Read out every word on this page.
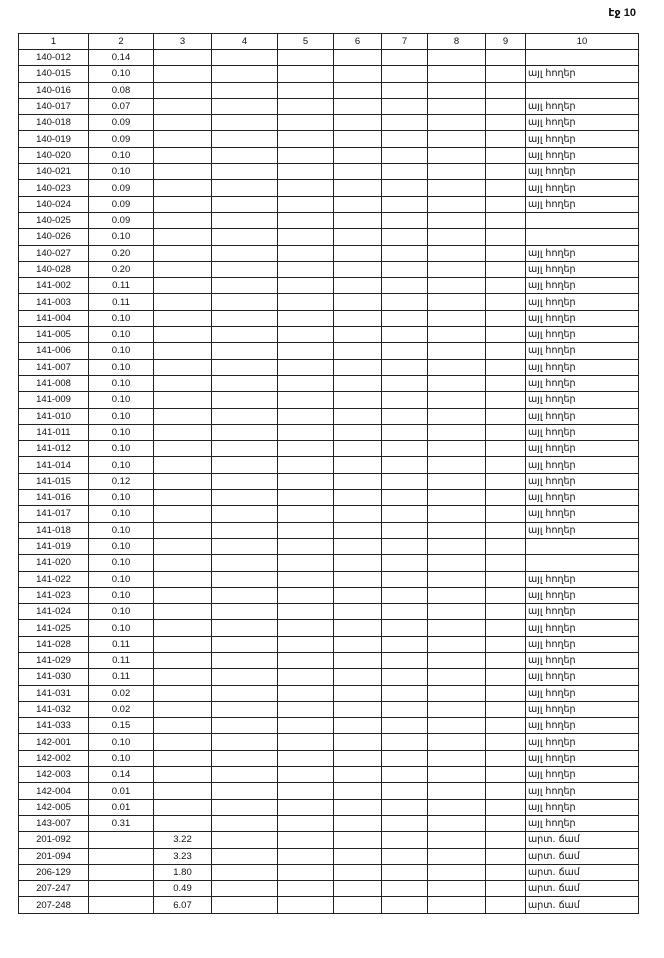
էջ 10
1	2	3	4	5	6	7	8	9	10
140-012	0.14								
140-015	0.10								այլ հողեր
140-016	0.08								
140-017	0.07								այլ հողեր
140-018	0.09								այլ հողեր
140-019	0.09								այլ հողեր
140-020	0.10								այլ հողեր
140-021	0.10								այլ հողեր
140-023	0.09								այլ հողեր
140-024	0.09								այլ հողեր
140-025	0.09								
140-026	0.10								
140-027	0.20								այլ հողեր
140-028	0.20								այլ հողեր
141-002	0.11								այլ հողեր
141-003	0.11								այլ հողեր
141-004	0.10								այլ հողեր
141-005	0.10								այլ հողեր
141-006	0.10								այլ հողեր
141-007	0.10								այլ հողեր
141-008	0.10								այլ հողեր
141-009	0.10								այլ հողեր
141-010	0.10								այլ հողեր
141-011	0.10								այլ հողեր
141-012	0.10								այլ հողեր
141-014	0.10								այլ հողեր
141-015	0.12								այլ հողեր
141-016	0.10								այլ հողեր
141-017	0.10								այլ հողեր
141-018	0.10								այլ հողեր
141-019	0.10								
141-020	0.10								
141-022	0.10								այլ հողեր
141-023	0.10								այլ հողեր
141-024	0.10								այլ հողեր
141-025	0.10								այլ հողեր
141-028	0.11								այլ հողեր
141-029	0.11								այլ հողեր
141-030	0.11								այլ հողեր
141-031	0.02								այլ հողեր
141-032	0.02								այլ հողեր
141-033	0.15								այլ հողեր
142-001	0.10								այլ հողեր
142-002	0.10								այլ հողեր
142-003	0.14								այլ հողեր
142-004	0.01								այլ հողեր
142-005	0.01								այլ հողեր
143-007	0.31								այլ հողեր
201-092		3.22							արտ. ճամ
201-094		3.23							արտ. ճամ
206-129		1.80							արտ. ճամ
207-247		0.49							արտ. ճամ
207-248		6.07							արտ. ճամ
